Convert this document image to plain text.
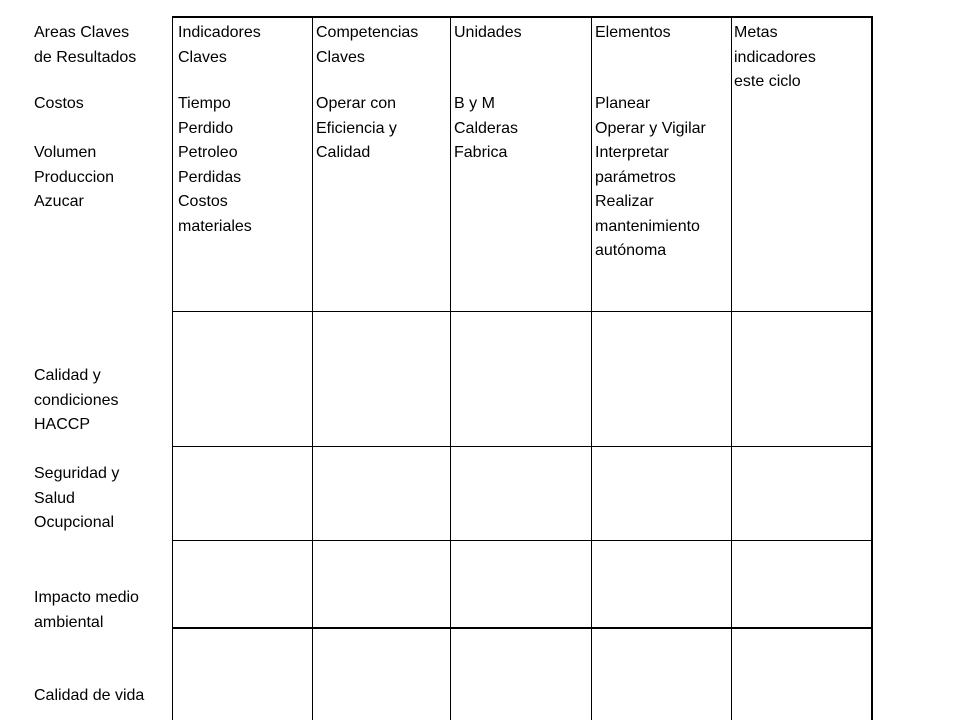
Areas Claves
de Resultados
Indicadores
Claves
Competencias
Claves
Unidades	Elementos	Metas
indicadores
este ciclo
Costos

Volumen
Produccion
Azucar
Calidad y
condiciones
HACCP
Seguridad y
Salud
Ocupcional
Impacto medio
ambiental
Calidad de vida
Tiempo
Perdido
Petroleo
Perdidas
Costos
materiales
Operar con
Eficiencia y
Calidad
B y M
Calderas
Fabrica
Planear
Operar y Vigilar
Interpretar
parámetros
Realizar
mantenimiento
autónoma
